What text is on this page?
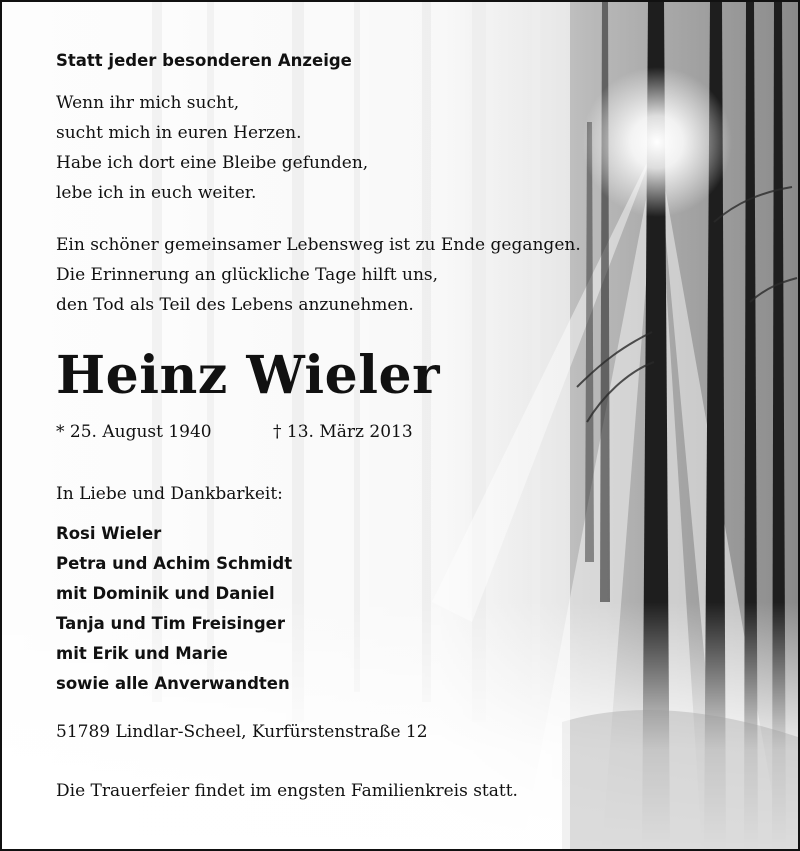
Statt jeder besonderen Anzeige

Wenn ihr mich sucht,
sucht mich in euren Herzen.
Habe ich dort eine Bleibe gefunden,
lebe ich in euch weiter.

Ein schöner gemeinsamer Lebensweg ist zu Ende gegangen.
Die Erinnerung an glückliche Tage hilft uns,
den Tod als Teil des Lebens anzunehmen.

Heinz Wieler

* 25. August 1940	† 13. März 2013

In Liebe und Dankbarkeit:

Rosi Wieler
Petra und Achim Schmidt
mit Dominik und Daniel
Tanja und Tim Freisinger
mit Erik und Marie
sowie alle Anverwandten

51789 Lindlar-Scheel, Kurfürstenstraße 12

Die Trauerfeier findet im engsten Familienkreis statt.
